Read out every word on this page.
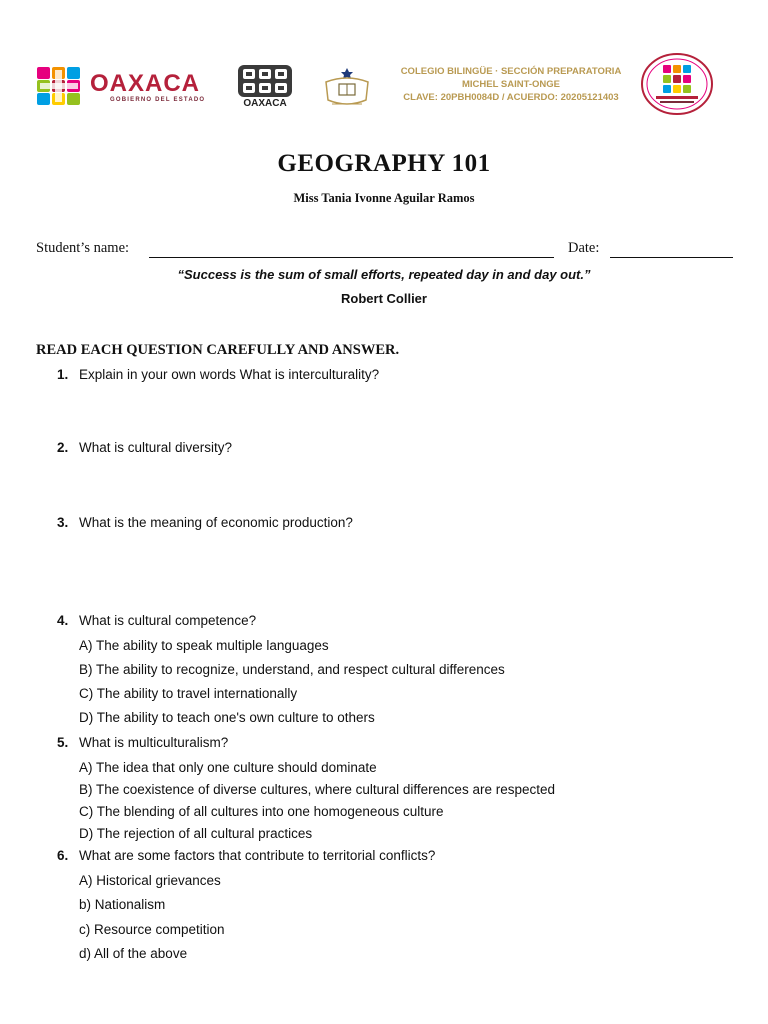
OAXACA
GOBIERNO DEL ESTADO	OAXACA
COLEGIO BILINGÜE · SECCIÓN PREPARATORIA
MICHEL SAINT-ONGE
CLAVE: 20PBH0084D / ACUERDO: 20205121403
GEOGRAPHY 101
Miss Tania Ivonne Aguilar Ramos
Student’s name:	Date:
“Success is the sum of small efforts, repeated day in and day out.”
Robert Collier
READ EACH QUESTION CAREFULLY AND ANSWER.
1. Explain in your own words What is interculturality?
2. What is cultural diversity?
3. What is the meaning of economic production?
4. What is cultural competence?
A) The ability to speak multiple languages
B) The ability to recognize, understand, and respect cultural differences
C) The ability to travel internationally
D) The ability to teach one's own culture to others
5. What is multiculturalism?
A) The idea that only one culture should dominate
B) The coexistence of diverse cultures, where cultural differences are respected
C) The blending of all cultures into one homogeneous culture
D) The rejection of all cultural practices
6. What are some factors that contribute to territorial conflicts?
A) Historical grievances
b) Nationalism
c) Resource competition
d) All of the above
